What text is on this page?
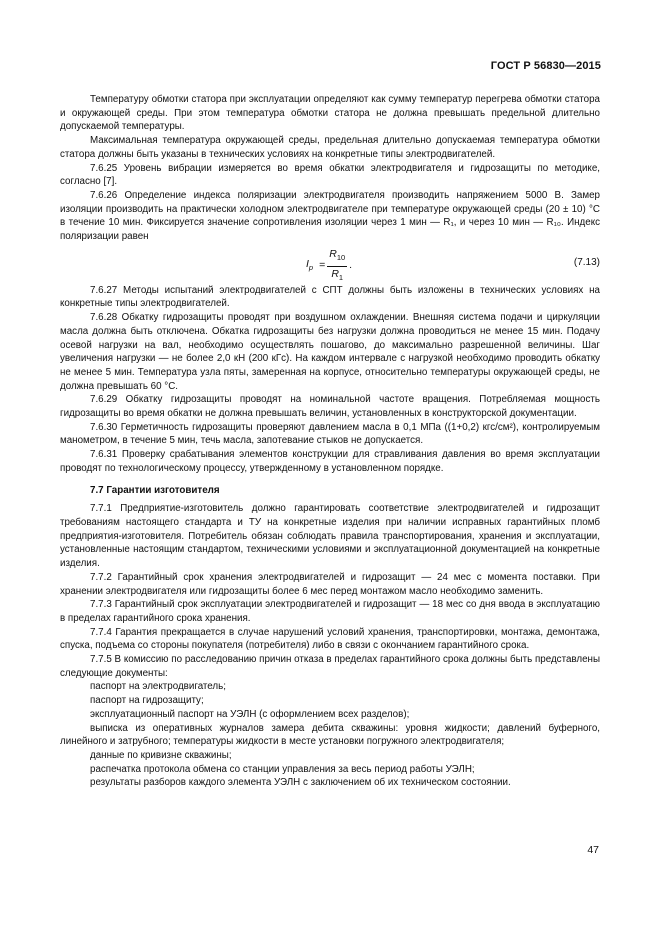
ГОСТ Р 56830—2015

Температуру обмотки статора при эксплуатации определяют как сумму температур перегрева обмотки статора и окружающей среды. При этом температура обмотки статора не должна превышать предельной длительно допускаемой температуры.

Максимальная температура окружающей среды, предельная длительно допускаемая температура обмотки статора должны быть указаны в технических условиях на конкретные типы электродвигателей.

7.6.25 Уровень вибрации измеряется во время обкатки электродвигателя и гидрозащиты по методике, согласно [7].

7.6.26 Определение индекса поляризации электродвигателя производить напряжением 5000 В. Замер изоляции производить на практически холодном электродвигателе при температуре окружающей среды (20 ± 10) °С в течение 10 мин. Фиксируется значение сопротивления изоляции через 1 мин — R₁, и через 10 мин — R₁₀. Индекс поляризации равен

$I_p = \frac{R_{10}}{R_1}$ .	(7.13)

7.6.27 Методы испытаний электродвигателей с СПТ должны быть изложены в технических условиях на конкретные типы электродвигателей.

7.6.28 Обкатку гидрозащиты проводят при воздушном охлаждении. Внешняя система подачи и циркуляции масла должна быть отключена. Обкатка гидрозащиты без нагрузки должна проводиться не менее 15 мин. Подачу осевой нагрузки на вал, необходимо осуществлять пошагово, до максимально разрешенной величины. Шаг увеличения нагрузки — не более 2,0 кН (200 кГс). На каждом интервале с нагрузкой необходимо проводить обкатку не менее 5 мин. Температура узла пяты, замеренная на корпусе, относительно температуры окружающей среды, не должна превышать 60 °С.

7.6.29 Обкатку гидрозащиты проводят на номинальной частоте вращения. Потребляемая мощность гидрозащиты во время обкатки не должна превышать величин, установленных в конструкторской документации.

7.6.30 Герметичность гидрозащиты проверяют давлением масла в 0,1 МПа ((1+0,2) кгс/см²), контролируемым манометром, в течение 5 мин, течь масла, запотевание стыков не допускается.

7.6.31 Проверку срабатывания элементов конструкции для стравливания давления во время эксплуатации проводят по технологическому процессу, утвержденному в установленном порядке.

7.7 Гарантии изготовителя

7.7.1 Предприятие-изготовитель должно гарантировать соответствие электродвигателей и гидрозащит требованиям настоящего стандарта и ТУ на конкретные изделия при наличии исправных гарантийных пломб предприятия-изготовителя. Потребитель обязан соблюдать правила транспортирования, хранения и эксплуатации, установленные настоящим стандартом, техническими условиями и эксплуатационной документацией на конкретные изделия.

7.7.2 Гарантийный срок хранения электродвигателей и гидрозащит — 24 мес с момента поставки. При хранении электродвигателя или гидрозащиты более 6 мес перед монтажом масло необходимо заменить.

7.7.3 Гарантийный срок эксплуатации электродвигателей и гидрозащит — 18 мес со дня ввода в эксплуатацию в пределах гарантийного срока хранения.

7.7.4 Гарантия прекращается в случае нарушений условий хранения, транспортировки, монтажа, демонтажа, спуска, подъема со стороны покупателя (потребителя) либо в связи с окончанием гарантийного срока.

7.7.5 В комиссию по расследованию причин отказа в пределах гарантийного срока должны быть представлены следующие документы:

паспорт на электродвигатель;

паспорт на гидрозащиту;

эксплуатационный паспорт на УЭЛН (с оформлением всех разделов);

выписка из оперативных журналов замера дебита скважины: уровня жидкости; давлений буферного, линейного и затрубного; температуры жидкости в месте установки погружного электродвигателя;

данные по кривизне скважины;

распечатка протокола обмена со станции управления за весь период работы УЭЛН;

результаты разборов каждого элемента УЭЛН с заключением об их техническом состоянии.

47
